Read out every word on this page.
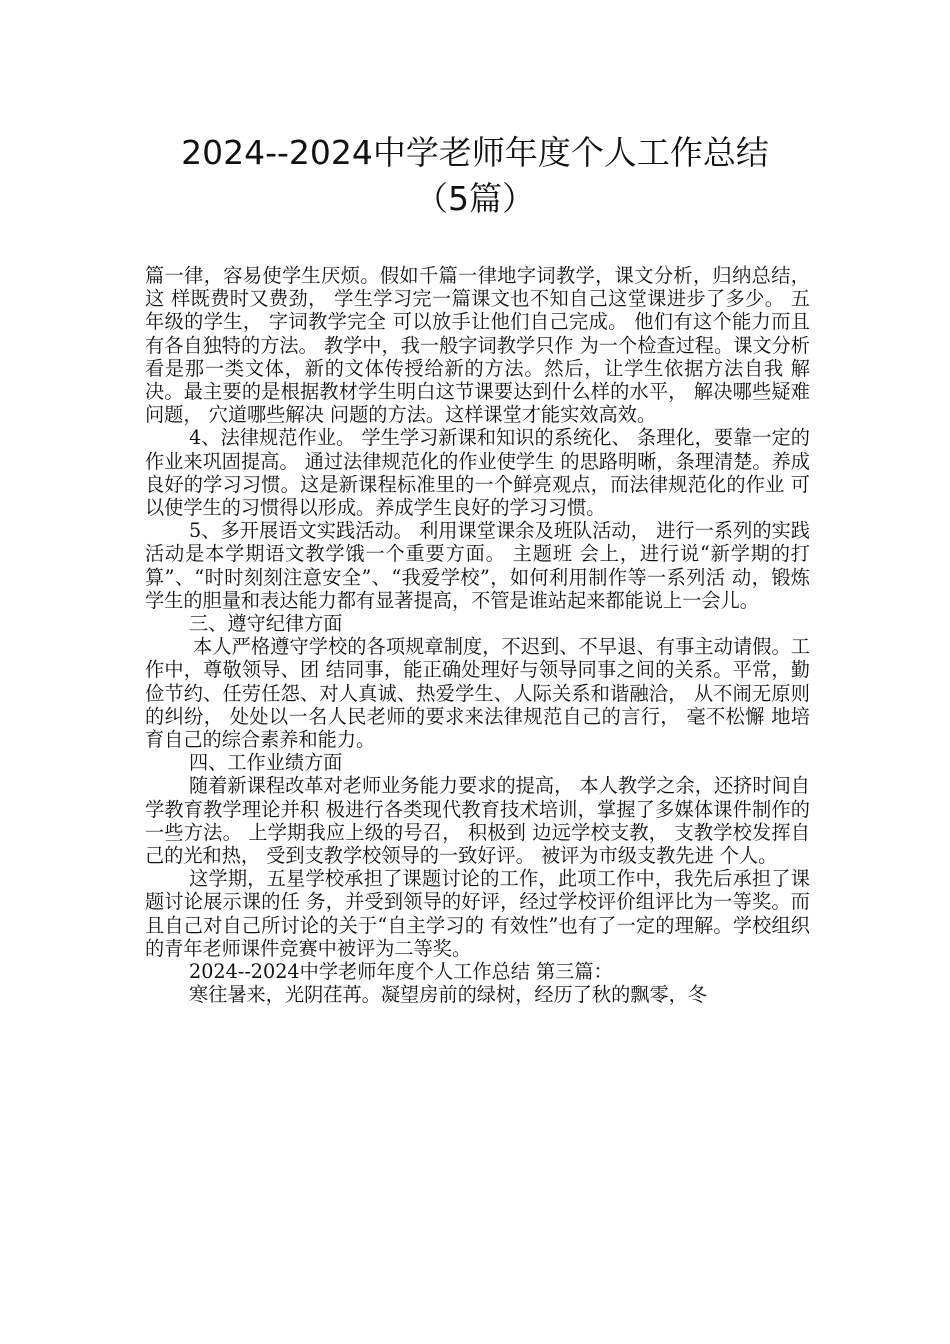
2024--2024中学老师年度个人工作总结
（5篇）

篇一律，容易使学生厌烦。假如千篇一律地字词教学，课文分析，归纳总结，这 样既费时又费劲， 学生学习完一篇课文也不知自己这堂课进步了多少。 五年级的学生， 字词教学完全 可以放手让他们自己完成。 他们有这个能力而且有各自独特的方法。 教学中，我一般字词教学只作 为一个检查过程。课文分析看是那一类文体，新的文体传授给新的方法。然后，让学生依据方法自我 解决。最主要的是根据教材学生明白这节课要达到什么样的水平， 解决哪些疑难问题， 穴道哪些解决 问题的方法。这样课堂才能实效高效。

4、法律规范作业。 学生学习新课和知识的系统化、 条理化，要靠一定的作业来巩固提高。 通过法律规范化的作业使学生 的思路明晰，条理清楚。养成良好的学习习惯。这是新课程标准里的一个鲜亮观点，而法律规范化的作业 可以使学生的习惯得以形成。养成学生良好的学习习惯。

5、多开展语文实践活动。 利用课堂课余及班队活动， 进行一系列的实践活动是本学期语文教学饿一个重要方面。 主题班 会上，进行说“新学期的打算”、“时时刻刻注意安全”、“我爱学校”，如何利用制作等一系列活 动，锻炼学生的胆量和表达能力都有显著提高，不管是谁站起来都能说上一会儿。

三、遵守纪律方面

本人严格遵守学校的各项规章制度，不迟到、不早退、有事主动请假。工作中，尊敬领导、团 结同事，能正确处理好与领导同事之间的关系。平常，勤俭节约、任劳任怨、对人真诚、热爱学生、人际关系和谐融洽， 从不闹无原则的纠纷， 处处以一名人民老师的要求来法律规范自己的言行， 毫不松懈 地培育自己的综合素养和能力。

四、工作业绩方面

随着新课程改革对老师业务能力要求的提高， 本人教学之余，还挤时间自学教育教学理论并积 极进行各类现代教育技术培训，掌握了多媒体课件制作的一些方法。 上学期我应上级的号召， 积极到 边远学校支教， 支教学校发挥自己的光和热， 受到支教学校领导的一致好评。 被评为市级支教先进 个人。

这学期，五星学校承担了课题讨论的工作，此项工作中，我先后承担了课题讨论展示课的任 务，并受到领导的好评，经过学校评价组评比为一等奖。而且自己对自己所讨论的关于“自主学习的 有效性”也有了一定的理解。学校组织的青年老师课件竞赛中被评为二等奖。

2024--2024中学老师年度个人工作总结 第三篇：

寒往暑来，光阴荏苒。凝望房前的绿树，经历了秋的飘零，冬
